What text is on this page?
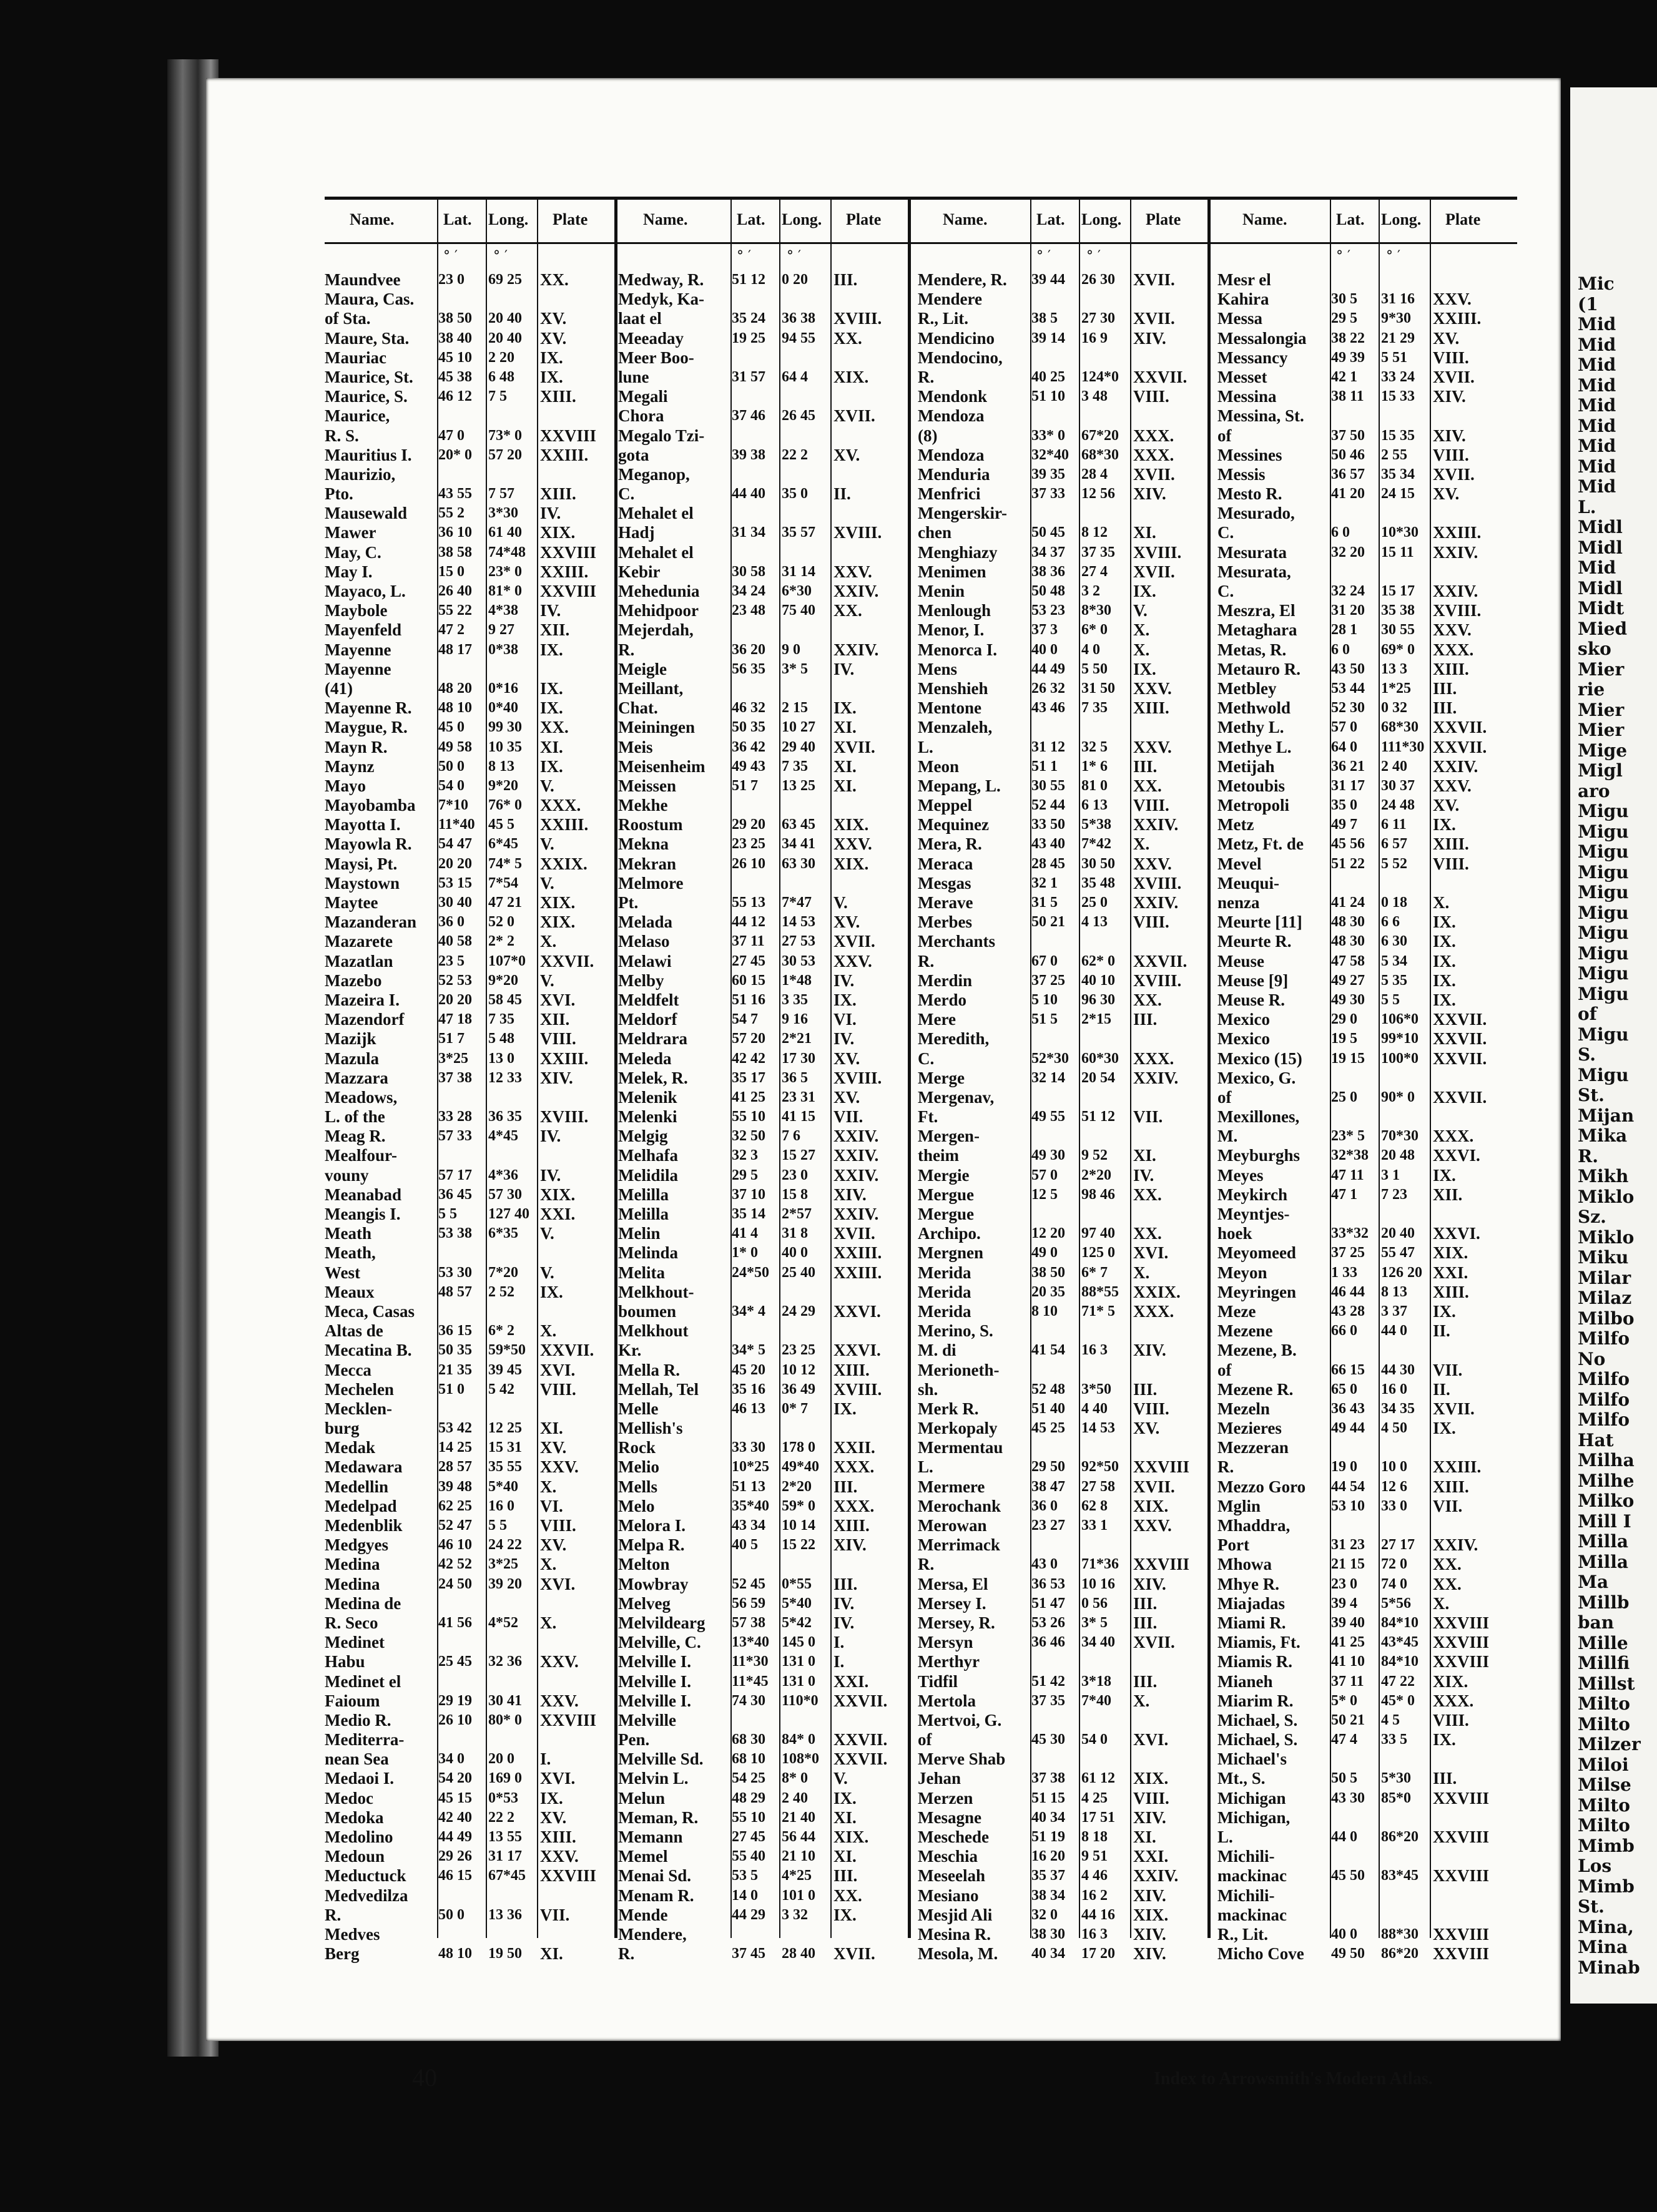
Mic
(1
Mid
Mid
Mid
Mid
Mid
Mid
Mid
Mid
Mid
L.
Midl
Midl
Mid
Midl
Midt
Mied
sko
Mier
rie
Mier
Mier
Mige
Migl
aro
Migu
Migu
Migu
Migu
Migu
Migu
Migu
Migu
Migu
Migu
of
Migu
S.
Migu
St.
Mijan
Mika
R.
Mikh
Miklo
Sz.
Miklo
Miku
Milar
Milaz
Milbo
Milfo
No
Milfo
Milfo
Milfo
Hat
Milha
Milhe
Milko
Mill I
Milla
Milla
Ma
Millb
ban
Mille
Millfi
Millst
Milto
Milto
Milzer
Miloi
Milse
Milto
Milto
Mimb
Los
Mimb
St.
Mina,
Mina
Minab
Name.	Lat. Long. Plate
° ′	° ′
Maundvee	23 0	69 25	XX.
Maura, Cas.
of Sta.	38 50	20 40	XV.
Maure, Sta.	38 40	20 40	XV.
Mauriac	45 10	2 20	IX.
Maurice, St.	45 38	6 48	IX.
Maurice, S.	46 12	7 5	XIII.
Maurice,
R. S.	47 0	73* 0	XXVIII
Mauritius I.	20* 0	57 20	XXIII.
Maurizio,
Pto.	43 55	7 57	XIII.
Mausewald	55 2	3*30	IV.
Mawer	36 10	61 40	XIX.
May, C.	38 58	74*48 XXVIII
May I.	15 0	23* 0	XXIII.
Mayaco, L.	26 40	81* 0	XXVIII
Maybole	55 22	4*38	IV.
Mayenfeld	47 2	9 27	XII.
Mayenne	48 17	0*38	IX.
Mayenne
(41)	48 20	0*16	IX.
Mayenne R.	48 10	0*40	IX.
Maygue, R.	45 0	99 30	XX.
Mayn R.	49 58	10 35	XI.
Maynz	50 0	8 13	IX.
Mayo	54 0	9*20	V.
Mayobamba	7*10	76* 0	XXX.
Mayotta I.	11*40 45 5	XXIII.
Mayowla R.	54 47	6*45	V.
Maysi, Pt.	20 20	74* 5	XXIX.
Maystown	53 15	7*54	V.
Maytee	30 40	47 21	XIX.
Mazanderan	36 0	52 0	XIX.
Mazarete	40 58	2* 2	X.
Mazatlan	23 5	107*0 XXVII.
Mazebo	52 53	9*20	V.
Mazeira I.	20 20	58 45	XVI.
Mazendorf	47 18	7 35	XII.
Mazijk	51 7	5 48	VIII.
Mazula	3*25	13 0	XXIII.
Mazzara	37 38	12 33	XIV.
Meadows,
L. of the	33 28	36 35	XVIII.
Meag R.	57 33	4*45	IV.
Mealfour-
vouny	57 17	4*36	IV.
Meanabad	36 45	57 30	XIX.
Meangis I.	5 5	127 40 XXI.
Meath	53 38	6*35	V.
Meath,
West	53 30	7*20	V.
Meaux	48 57	2 52	IX.
Meca, Casas
Altas de	36 15	6* 2	X.
Mecatina B.	50 35	59*50 XXVII.
Mecca	21 35	39 45	XVI.
Mechelen	51 0	5 42	VIII.
Mecklen-
burg	53 42	12 25	XI.
Medak	14 25	15 31	XV.
Medawara	28 57	35 55	XXV.
Medellin	39 48	5*40	X.
Medelpad	62 25	16 0	VI.
Medenblik	52 47	5 5	VIII.
Medgyes	46 10	24 22	XV.
Medina	42 52	3*25	X.
Medina	24 50	39 20	XVI.
Medina de
R. Seco	41 56	4*52	X.
Medinet
Habu	25 45	32 36	XXV.
Medinet el
Faioum	29 19	30 41	XXV.
Medio R.	26 10	80* 0	XXVIII
Mediterra-
nean Sea	34 0	20 0	I.
Medaoi I.	54 20	169 0	XVI.
Medoc	45 15	0*53	IX.
Medoka	42 40	22 2	XV.
Medolino	44 49	13 55	XIII.
Medoun	29 26	31 17	XXV.
Meductuck	46 15	67*45 XXVIII
Medvedilza
R.	50 0	13 36	VII.
Medves
Berg	48 10	19 50	XI.
Name.	Lat. Long. Plate
° ′	° ′
Medway, R.	51 12	0 20	III.
Medyk, Ka-
laat el	35 24	36 38	XVIII.
Meeaday	19 25	94 55	XX.
Meer Boo-
lune	31 57	64 4	XIX.
Megali
Chora	37 46	26 45	XVII.
Megalo Tzi-
gota	39 38	22 2	XV.
Meganop,
C.	44 40	35 0	II.
Mehalet el
Hadj	31 34	35 57	XVIII.
Mehalet el
Kebir	30 58	31 14	XXV.
Mehedunia	34 24	6*30	XXIV.
Mehidpoor	23 48	75 40	XX.
Mejerdah,
R.	36 20	9 0	XXIV.
Meigle	56 35	3* 5	IV.
Meillant,
Chat.	46 32	2 15	IX.
Meiningen	50 35	10 27	XI.
Meis	36 42	29 40	XVII.
Meisenheim	49 43	7 35	XI.
Meissen	51 7	13 25	XI.
Mekhe
Roostum	29 20	63 45	XIX.
Mekna	23 25	34 41	XXV.
Mekran	26 10	63 30	XIX.
Melmore
Pt.	55 13	7*47	V.
Melada	44 12	14 53	XV.
Melaso	37 11	27 53	XVII.
Melawi	27 45	30 53	XXV.
Melby	60 15	1*48	IV.
Meldfelt	51 16	3 35	IX.
Meldorf	54 7	9 16	VI.
Meldrara	57 20	2*21	IV.
Meleda	42 42	17 30	XV.
Melek, R.	35 17	36 5	XVIII.
Melenik	41 25	23 31	XV.
Melenki	55 10	41 15	VII.
Melgig	32 50	7 6	XXIV.
Melhafa	32 3	15 27	XXIV.
Melidila	29 5	23 0	XXIV.
Melilla	37 10	15 8	XIV.
Melilla	35 14	2*57	XXIV.
Melin	41 4	31 8	XVII.
Melinda	1* 0	40 0	XXIII.
Melita	24*50 25 40	XXIII.
Melkhout-
boumen	34* 4	24 29	XXVI.
Melkhout
Kr.	34* 5	23 25	XXVI.
Mella R.	45 20	10 12	XIII.
Mellah, Tel	35 16	36 49	XVIII.
Melle	46 13	0* 7	IX.
Mellish's
Rock	33 30	178 0	XXII.
Melio	10*25 49*40 XXX.
Mells	51 13	2*20	III.
Melo	35*40 59* 0	XXX.
Melora I.	43 34	10 14	XIII.
Melpa R.	40 5	15 22	XIV.
Melton
Mowbray	52 45	0*55	III.
Melveg	56 59	5*40	IV.
Melvildearg	57 38	5*42	IV.
Melville, C.	13*40 145 0	I.
Melville I.	11*30 131 0	I.
Melville I.	11*45 131 0	XXI.
Melville I.	74 30	110*0 XXVII.
Melville
Pen.	68 30	84* 0	XXVII.
Melville Sd.	68 10	108*0 XXVII.
Melvin L.	54 25	8* 0	V.
Melun	48 29	2 40	IX.
Meman, R.	55 10	21 40	XI.
Memann	27 45	56 44	XIX.
Memel	55 40	21 10	XI.
Menai Sd.	53 5	4*25	III.
Menam R.	14 0	101 0	XX.
Mende	44 29	3 32	IX.
Mendere,
R.	37 45	28 40	XVII.
Name.	Lat. Long. Plate
° ′	° ′
Mendere, R.	39 44	26 30	XVII.
Mendere
R., Lit.	38 5	27 30	XVII.
Mendicino	39 14	16 9	XIV.
Mendocino,
R.	40 25	124*0 XXVII.
Mendonk	51 10	3 48	VIII.
Mendoza
(8)	33* 0	67*20 XXX.
Mendoza	32*40 68*30 XXX.
Menduria	39 35	28 4	XVII.
Menfrici	37 33	12 56	XIV.
Mengerskir-
chen	50 45	8 12	XI.
Menghiazy	34 37	37 35	XVIII.
Menimen	38 36	27 4	XVII.
Menin	50 48	3 2	IX.
Menlough	53 23	8*30	V.
Menor, I.	37 3	6* 0	X.
Menorca I.	40 0	4 0	X.
Mens	44 49	5 50	IX.
Menshieh	26 32	31 50	XXV.
Mentone	43 46	7 35	XIII.
Menzaleh,
L.	31 12	32 5	XXV.
Meon	51 1	1* 6	III.
Mepang, L.	30 55	81 0	XX.
Meppel	52 44	6 13	VIII.
Mequinez	33 50	5*38	XXIV.
Mera, R.	43 40	7*42	X.
Meraca	28 45	30 50	XXV.
Mesgas	32 1	35 48	XVIII.
Merave	31 5	25 0	XXIV.
Merbes	50 21	4 13	VIII.
Merchants
R.	67 0	62* 0	XXVII.
Merdin	37 25	40 10	XVIII.
Merdo	5 10	96 30	XX.
Mere	51 5	2*15	III.
Meredith,
C.	52*30 60*30 XXX.
Merge	32 14	20 54	XXIV.
Mergenav,
Ft.	49 55	51 12	VII.
Mergen-
theim	49 30	9 52	XI.
Mergie	57 0	2*20	IV.
Mergue	12 5	98 46	XX.
Mergue
Archipo.	12 20	97 40	XX.
Mergnen	49 0	125 0	XVI.
Merida	38 50	6* 7	X.
Merida	20 35	88*55 XXIX.
Merida	8 10	71* 5	XXX.
Merino, S.
M. di	41 54	16 3	XIV.
Merioneth-
sh.	52 48	3*50	III.
Merk R.	51 40	4 40	VIII.
Merkopaly	45 25	14 53	XV.
Mermentau
L.	29 50	92*50 XXVIII
Mermere	38 47	27 58	XVII.
Merochank	36 0	62 8	XIX.
Merowan	23 27	33 1	XXV.
Merrimack
R.	43 0	71*36 XXVIII
Mersa, El	36 53	10 16	XIV.
Mersey I.	51 47	0 56	III.
Mersey, R.	53 26	3* 5	III.
Mersyn	36 46	34 40	XVII.
Merthyr
Tidfil	51 42	3*18	III.
Mertola	37 35	7*40	X.
Mertvoi, G.
of	45 30	54 0	XVI.
Merve Shab
Jehan	37 38	61 12	XIX.
Merzen	51 15	4 25	VIII.
Mesagne	40 34	17 51	XIV.
Meschede	51 19	8 18	XI.
Meschia	16 20	9 51	XXI.
Meseelah	35 37	4 46	XXIV.
Mesiano	38 34	16 2	XIV.
Mesjid Ali	32 0	44 16	XIX.
Mesina R.	38 30	16 3	XIV.
Mesola, M.	40 34	17 20	XIV.
Name.	Lat. Long. Plate
° ′	° ′
Mesr el
Kahira	30 5	31 16	XXV.
Messa	29 5	9*30	XXIII.
Messalongia	38 22	21 29	XV.
Messancy	49 39	5 51	VIII.
Messet	42 1	33 24	XVII.
Messina	38 11	15 33	XIV.
Messina, St.
of	37 50	15 35	XIV.
Messines	50 46	2 55	VIII.
Messis	36 57	35 34	XVII.
Mesto R.	41 20	24 15	XV.
Mesurado,
C.	6 0	10*30 XXIII.
Mesurata	32 20	15 11	XXIV.
Mesurata,
C.	32 24	15 17	XXIV.
Meszra, El	31 20	35 38	XVIII.
Metaghara	28 1	30 55	XXV.
Metas, R.	6 0	69* 0	XXX.
Metauro R.	43 50	13 3	XIII.
Metbley	53 44	1*25	III.
Methwold	52 30	0 32	III.
Methy L.	57 0	68*30 XXVII.
Methye L.	64 0	111*30 XXVII.
Metijah	36 21	2 40	XXIV.
Metoubis	31 17	30 37	XXV.
Metropoli	35 0	24 48	XV.
Metz	49 7	6 11	IX.
Metz, Ft. de	45 56	6 57	XIII.
Mevel	51 22	5 52	VIII.
Meuqui-
nenza	41 24	0 18	X.
Meurte [11]	48 30	6 6	IX.
Meurte R.	48 30	6 30	IX.
Meuse	47 58	5 34	IX.
Meuse [9]	49 27	5 35	IX.
Meuse R.	49 30	5 5	IX.
Mexico	29 0	106*0 XXVII.
Mexico	19 5	99*10 XXVII.
Mexico (15)	19 15	100*0 XXVII.
Mexico, G.
of	25 0	90* 0	XXVII.
Mexillones,
M.	23* 5	70*30 XXX.
Meyburghs	32*38 20 48	XXVI.
Meyes	47 11	3 1	IX.
Meykirch	47 1	7 23	XII.
Meyntjes-
hoek	33*32 20 40	XXVI.
Meyomeed	37 25	55 47	XIX.
Meyon	1 33	126 20 XXI.
Meyringen	46 44	8 13	XIII.
Meze	43 28	3 37	IX.
Mezene	66 0	44 0	II.
Mezene, B.
of	66 15	44 30	VII.
Mezene R.	65 0	16 0	II.
Mezeln	36 43	34 35	XVII.
Mezieres	49 44	4 50	IX.
Mezzeran
R.	19 0	10 0	XXIII.
Mezzo Goro	44 54	12 6	XIII.
Mglin	53 10	33 0	VII.
Mhaddra,
Port	31 23	27 17	XXIV.
Mhowa	21 15	72 0	XX.
Mhye R.	23 0	74 0	XX.
Miajadas	39 4	5*56	X.
Miami R.	39 40	84*10 XXVIII
Miamis, Ft.	41 25	43*45 XXVIII
Miamis R.	41 10	84*10 XXVIII
Mianeh	37 11	47 22	XIX.
Miarim R.	5* 0	45* 0	XXX.
Michael, S.	50 21	4 5	VIII.
Michael, S.	47 4	33 5	IX.
Michael's
Mt., S.	50 5	5*30	III.
Michigan	43 30	85*0	XXVIII
Michigan,
L.	44 0	86*20 XXVIII
Michili-
mackinac	45 50	83*45 XXVIII
Michili-
mackinac
R., Lit.	40 0	88*30 XXVIII
Micho Cove	49 50	86*20 XXVIII
40	Index to Arrowsmith's Modern Atlas.
